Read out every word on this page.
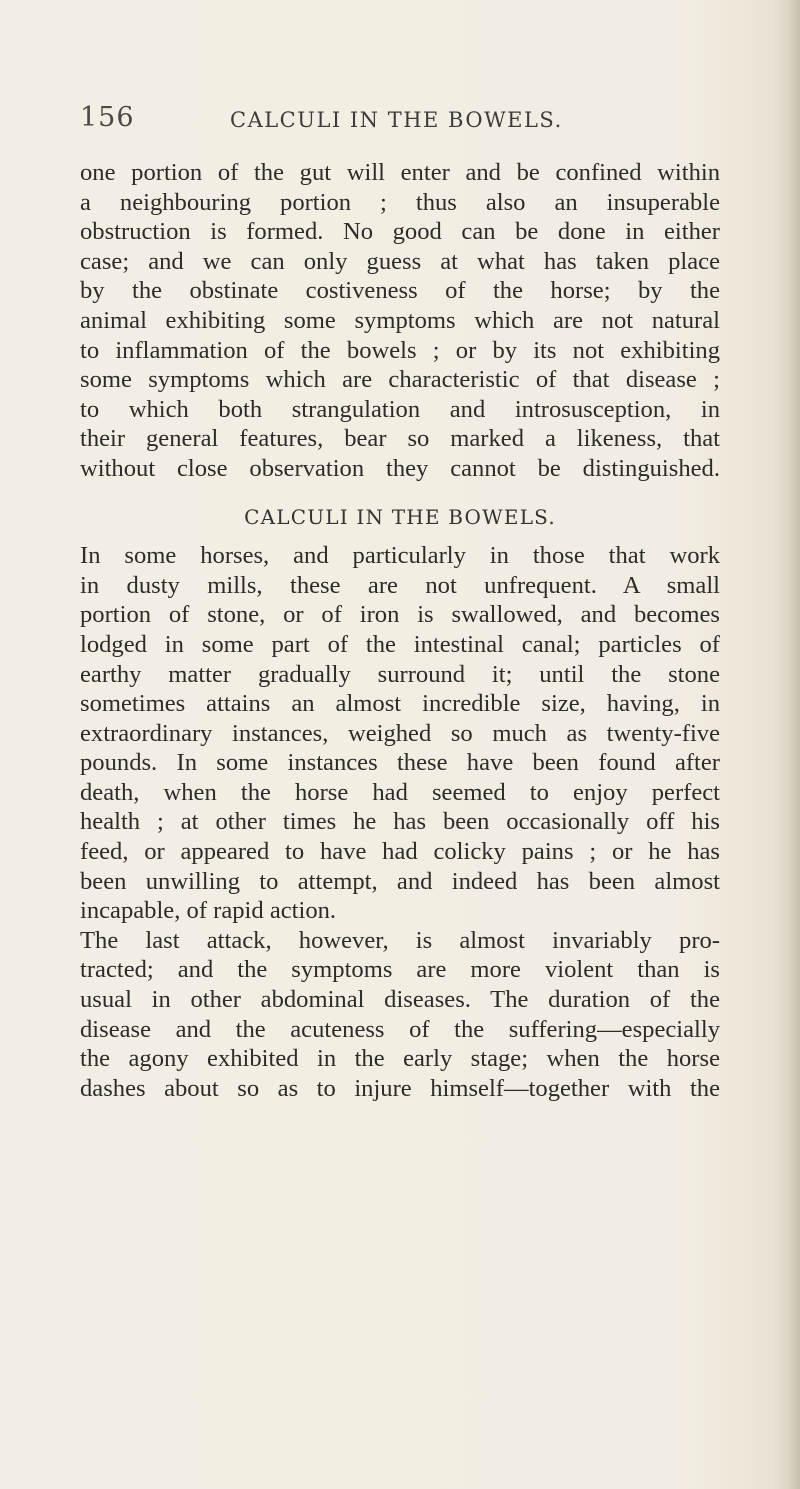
156	CALCULI IN THE BOWELS.
one portion of the gut will enter and be confined within
a neighbouring portion ; thus also an insuperable
obstruction is formed. No good can be done in either
case; and we can only guess at what has taken place
by the obstinate costiveness of the horse; by the
animal exhibiting some symptoms which are not natural
to inflammation of the bowels ; or by its not exhibiting
some symptoms which are characteristic of that disease ;
to which both strangulation and introsusception, in
their general features, bear so marked a likeness, that
without close observation they cannot be distinguished.
CALCULI IN THE BOWELS.
In some horses, and particularly in those that work
in dusty mills, these are not unfrequent. A small
portion of stone, or of iron is swallowed, and becomes
lodged in some part of the intestinal canal; particles of
earthy matter gradually surround it; until the stone
sometimes attains an almost incredible size, having, in
extraordinary instances, weighed so much as twenty-five
pounds. In some instances these have been found after
death, when the horse had seemed to enjoy perfect
health ; at other times he has been occasionally off his
feed, or appeared to have had colicky pains ; or he has
been unwilling to attempt, and indeed has been almost
incapable, of rapid action.
The last attack, however, is almost invariably pro-
tracted; and the symptoms are more violent than is
usual in other abdominal diseases. The duration of the
disease and the acuteness of the suffering—especially
the agony exhibited in the early stage; when the horse
dashes about so as to injure himself—together with the
